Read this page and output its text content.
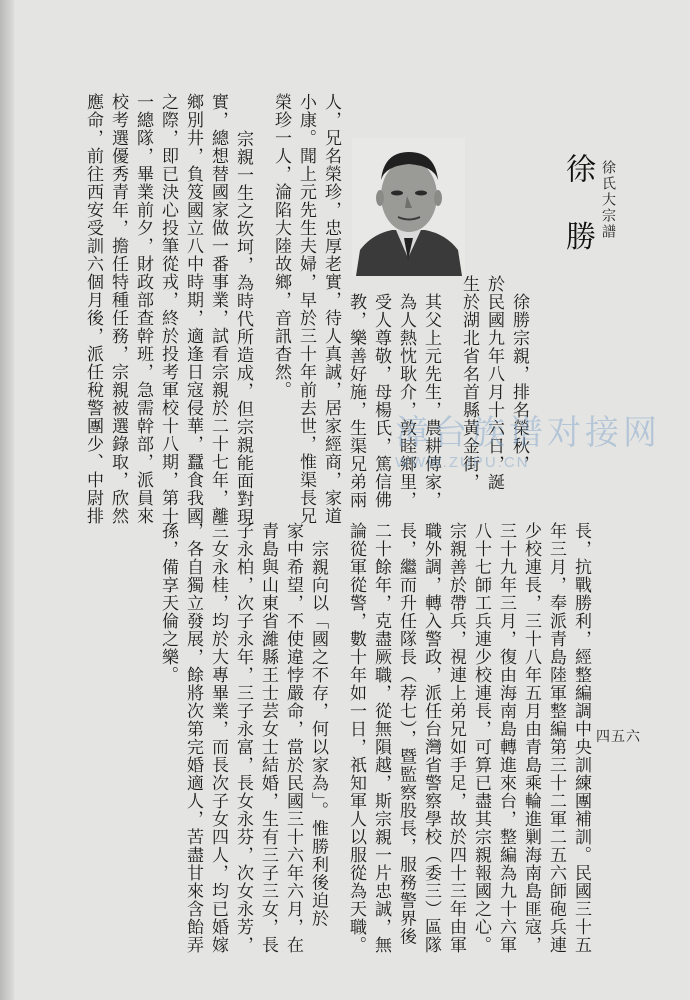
徐氏大宗譜
徐 勝
徐勝宗親，排名榮秋，
於民國九年八月十六日，誕
生於湖北省名首縣黃金街，
其父上元先生，農耕傳家，
為人熱忱耿介，敦睦鄉里，
受人尊敬，母楊氏，篤信佛
教，樂善好施，生渠兄弟兩
人，兄名榮珍，忠厚老實，待人真誠，居家經商，家道
小康。聞上元先生夫婦，早於三十年前去世，惟渠長兄
榮珍一人，淪陷大陸故鄉，音訊杳然。
宗親一生之坎坷，為時代所造成，但宗親能面對現
實，總想替國家做一番事業，試看宗親於二十七年，離
鄉別井，負笈國立八中時期，適逢日寇侵華，蠶食我國
之際，即已決心投筆從戎，終於投考軍校十八期，第十
一總隊，畢業前夕，財政部查幹班，急需幹部，派員來
校考選優秀青年，擔任特種任務，宗親被選錄取，欣然
應命，前往西安受訓六個月後，派任稅警團少、中尉排
長，抗戰勝利，經整編調中央訓練團補訓。民國三十五
年三月，奉派青島陸軍整編第三十二軍二五六師砲兵連
少校連長，三十八年五月由青島乘輪進剿海南島匪寇，
三十九年三月，復由海南島轉進來台，整編為九十六軍
八十七師工兵連少校連長，可算已盡其宗親報國之心。
宗親善於帶兵，視連上弟兄如手足，故於四十三年由軍
職外調，轉入警政，派任台灣省警察學校（委三）區隊
長，繼而升任隊長（荐七），暨監察股長，服務警界後
二十餘年，克盡厥職，從無隕越，斯宗親一片忠誠，無
論從軍從警，數十年如一日，祇知軍人以服從為天職。
宗親向以「國之不存，何以家為」。惟勝利後迫於
家中希望，不使違悖嚴命，當於民國三十六年六月，在
青島與山東省濰縣王士芸女士結婚，生有三子三女，長
子永柏，次子永年，三子永富，長女永芬，次女永芳，
三女永桂，均於大專畢業，而長次子女四人，均已婚嫁
，各自獨立發展，餘將次第完婚適人，苦盡甘來含飴弄
孫，備享天倫之樂。
四五六
漳台族谱对接网
WWW.ZUPU.CN
